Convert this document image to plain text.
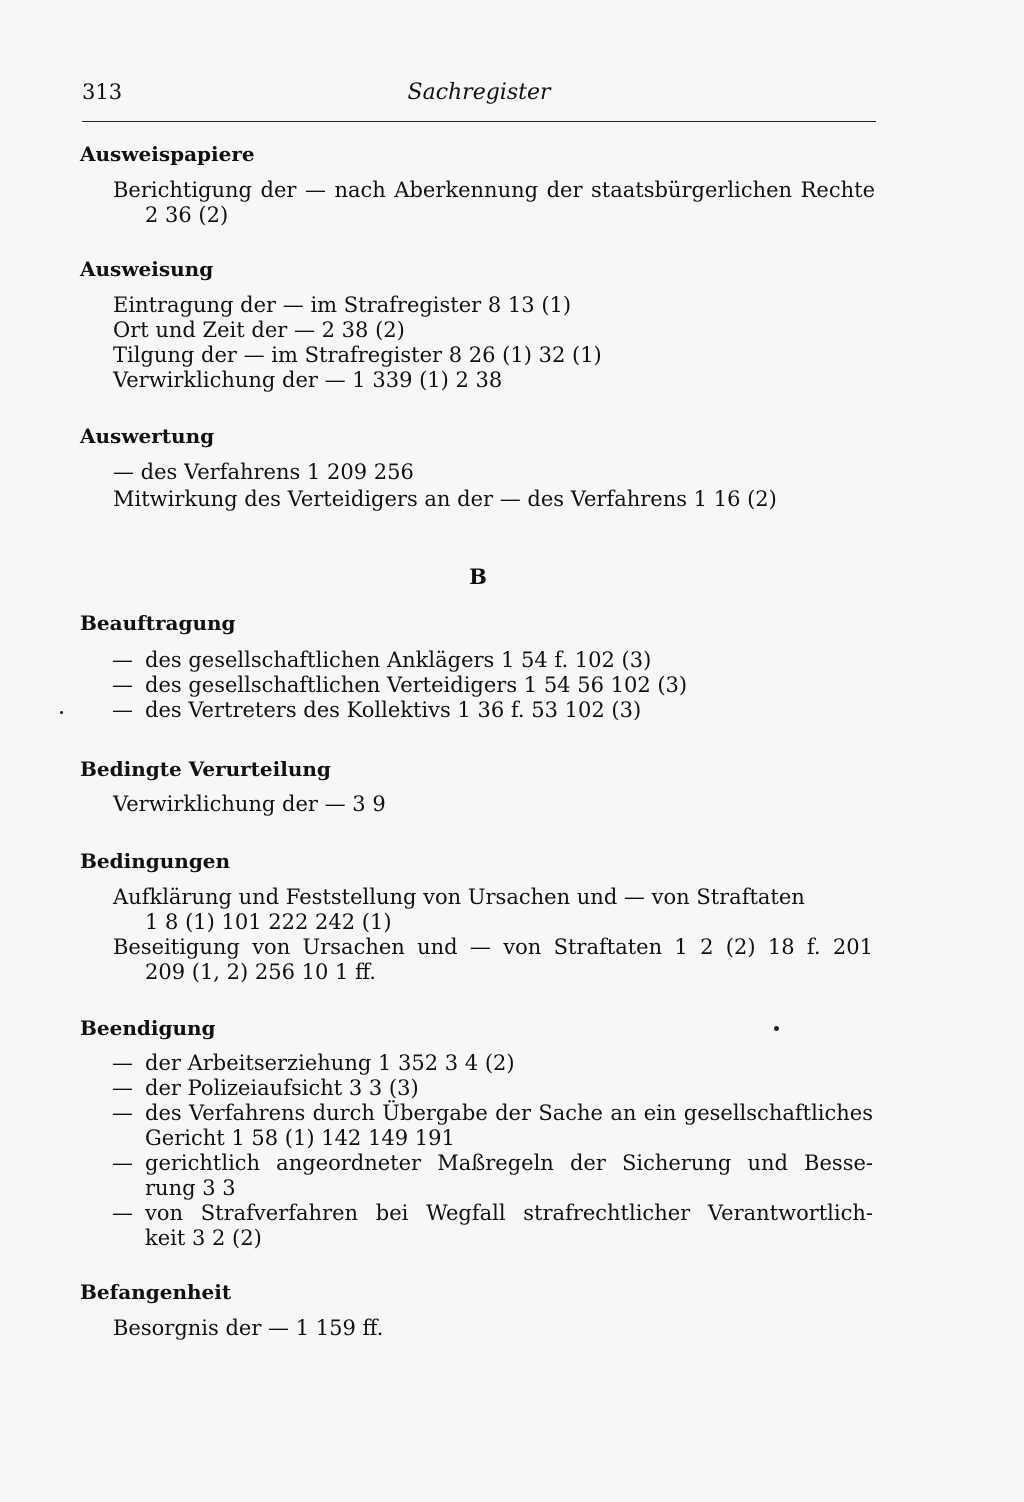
313	Sachregister
Ausweispapiere
Berichtigung der — nach Aberkennung der staatsbürgerlichen Rechte
2 36 (2)
Ausweisung
Eintragung der — im Strafregister 8 13 (1)
Ort und Zeit der — 2 38 (2)
Tilgung der — im Strafregister 8 26 (1) 32 (1)
Verwirklichung der — 1 339 (1) 2 38
Auswertung
— des Verfahrens 1 209 256
Mitwirkung des Verteidigers an der — des Verfahrens 1 16 (2)
B
Beauftragung
— des gesellschaftlichen Anklägers 1 54 f. 102 (3)
— des gesellschaftlichen Verteidigers 1 54 56 102 (3)
— des Vertreters des Kollektivs 1 36 f. 53 102 (3)
Bedingte Verurteilung
Verwirklichung der — 3 9
Bedingungen
Aufklärung und Feststellung von Ursachen und — von Straftaten
1 8 (1) 101 222 242 (1)
Beseitigung von Ursachen und — von Straftaten 1 2 (2) 18 f. 201
209 (1, 2) 256 10 1 ff.
Beendigung
— der Arbeitserziehung 1 352 3 4 (2)
— der Polizeiaufsicht 3 3 (3)
— des Verfahrens durch Übergabe der Sache an ein gesellschaftliches
Gericht 1 58 (1) 142 149 191
— gerichtlich angeordneter Maßregeln der Sicherung und Besse-
rung 3 3
— von Strafverfahren bei Wegfall strafrechtlicher Verantwortlich-
keit 3 2 (2)
Befangenheit
Besorgnis der — 1 159 ff.
